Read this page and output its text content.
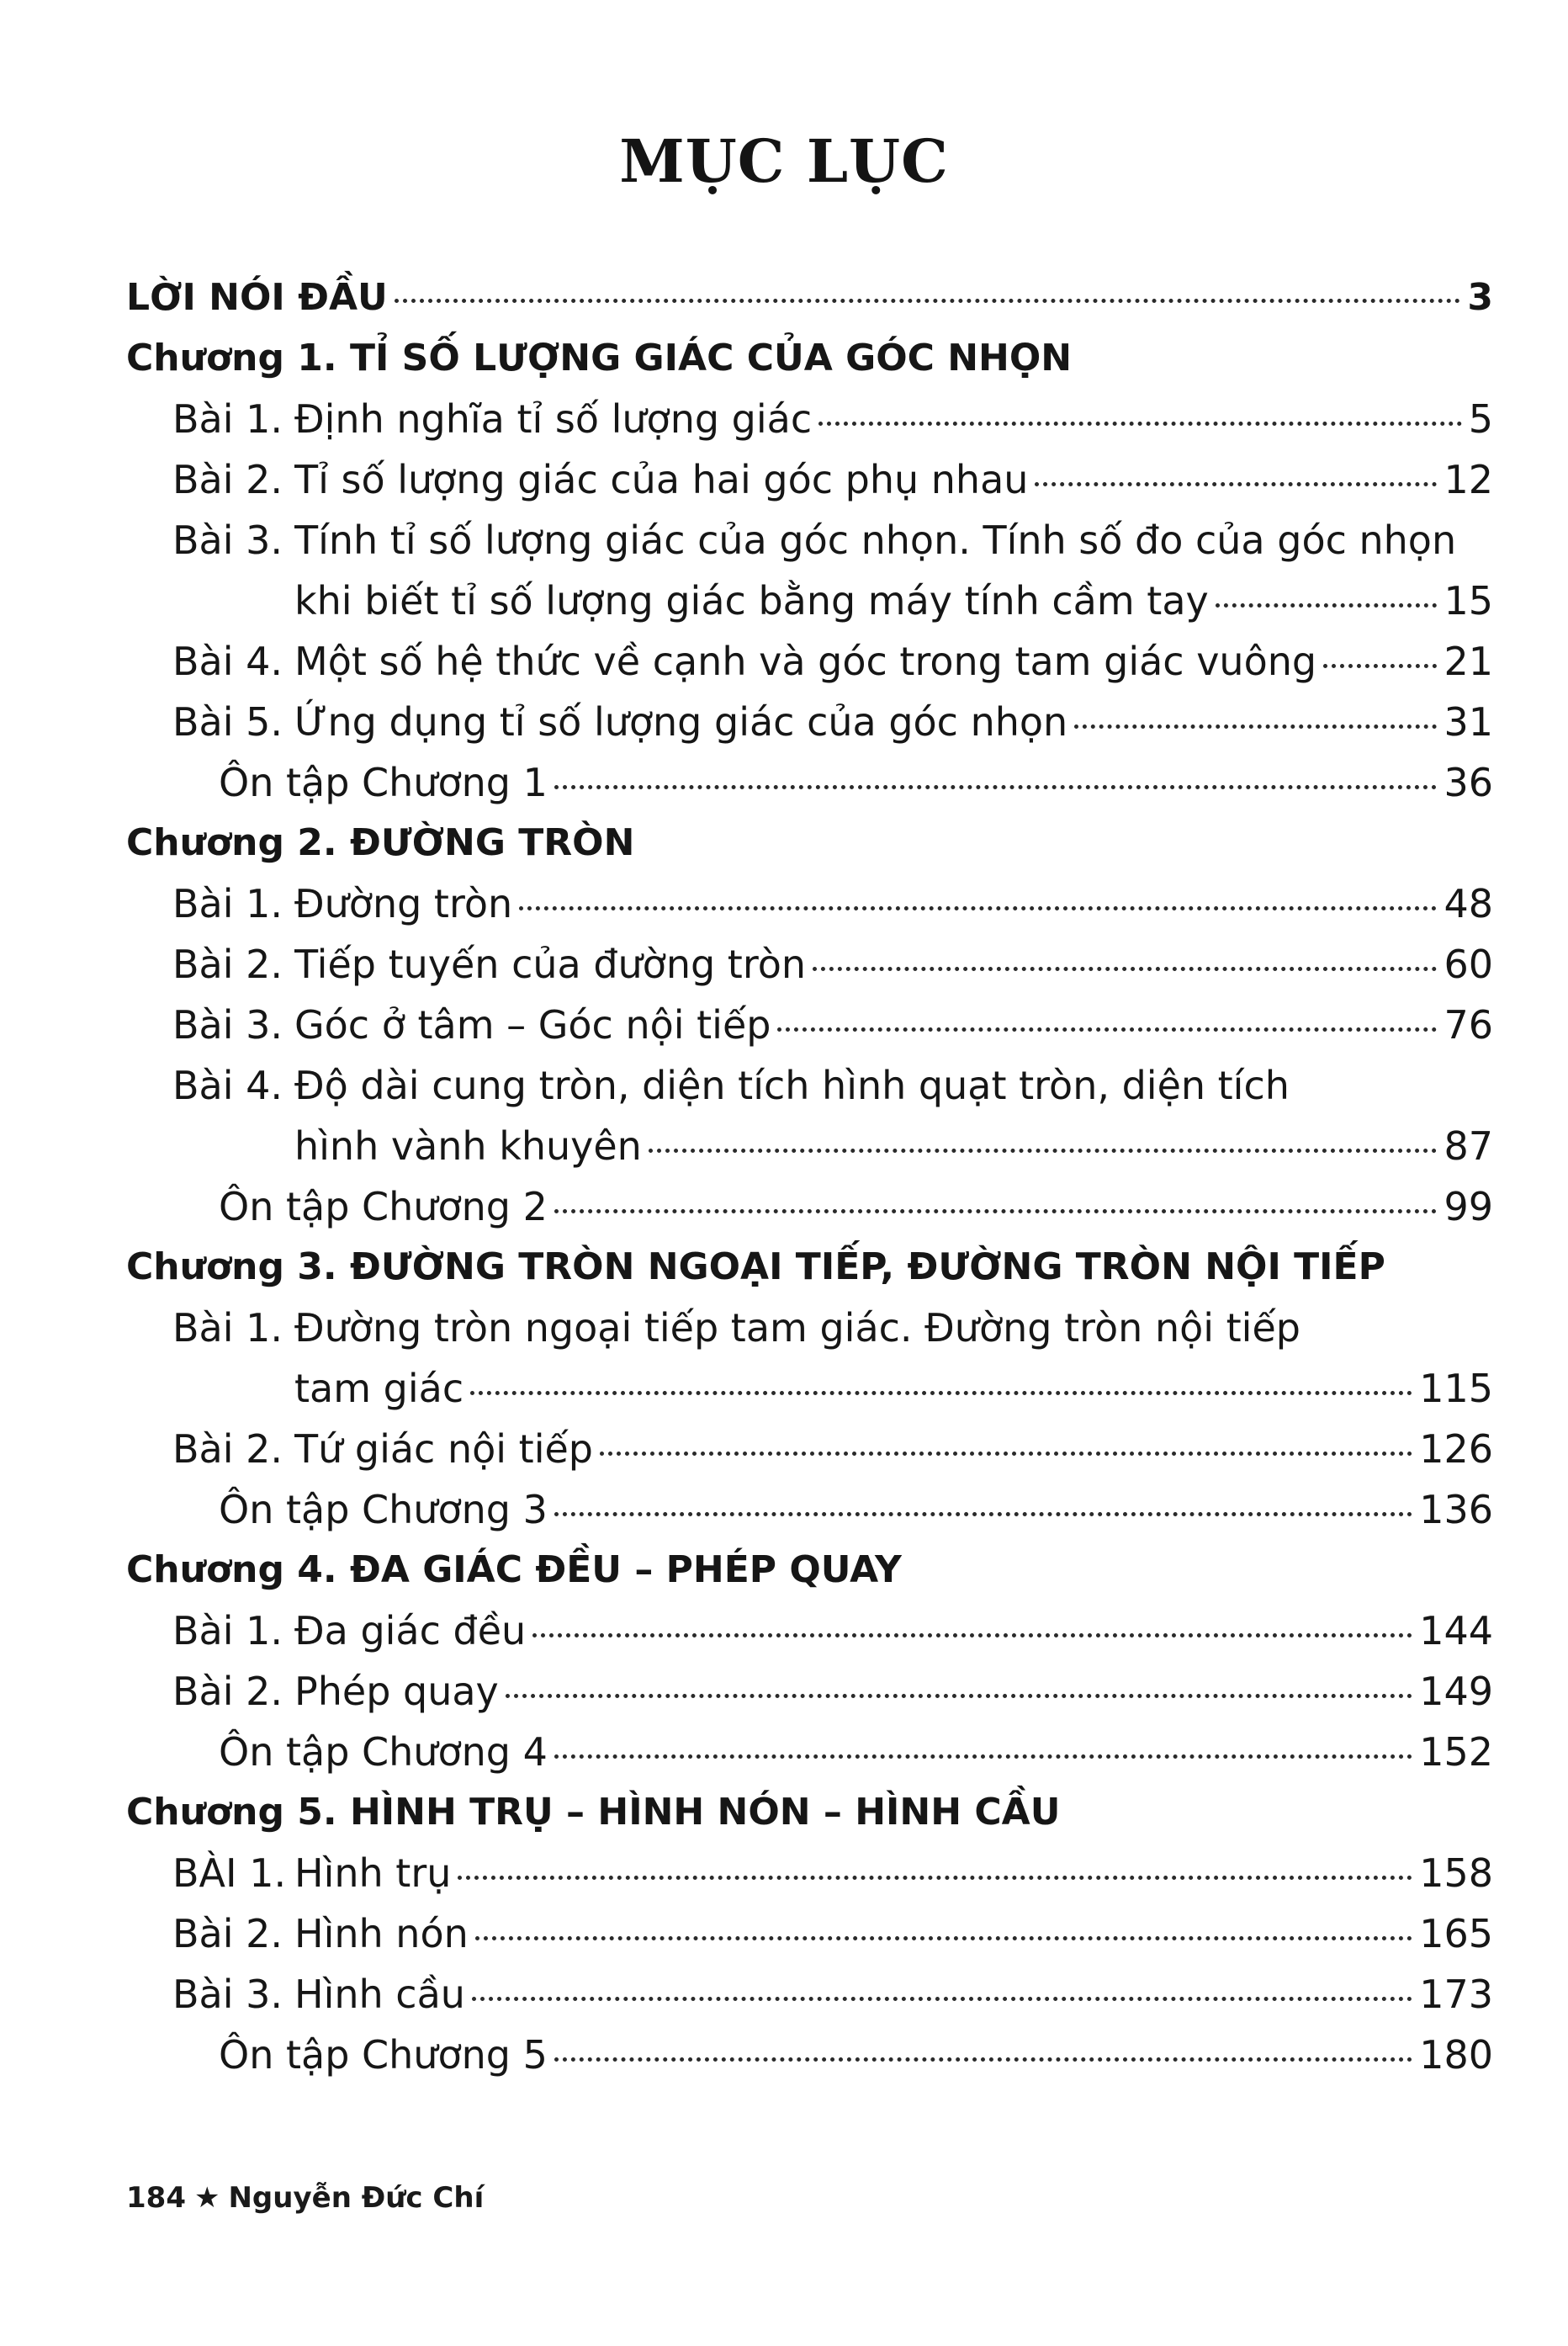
MỤC LỤC
LỜI NÓI ĐẦU	3
Chương 1. TỈ SỐ LƯỢNG GIÁC CỦA GÓC NHỌN
Bài 1. Định nghĩa tỉ số lượng giác	5
Bài 2. Tỉ số lượng giác của hai góc phụ nhau	12
Bài 3. Tính tỉ số lượng giác của góc nhọn. Tính số đo của góc nhọn
khi biết tỉ số lượng giác bằng máy tính cầm tay	15
Bài 4. Một số hệ thức về cạnh và góc trong tam giác vuông	21
Bài 5. Ứng dụng tỉ số lượng giác của góc nhọn	31
Ôn tập Chương 1	36
Chương 2. ĐƯỜNG TRÒN
Bài 1. Đường tròn	48
Bài 2. Tiếp tuyến của đường tròn	60
Bài 3. Góc ở tâm – Góc nội tiếp	76
Bài 4. Độ dài cung tròn, diện tích hình quạt tròn, diện tích
hình vành khuyên	87
Ôn tập Chương 2	99
Chương 3. ĐƯỜNG TRÒN NGOẠI TIẾP, ĐƯỜNG TRÒN NỘI TIẾP
Bài 1. Đường tròn ngoại tiếp tam giác. Đường tròn nội tiếp
tam giác	115
Bài 2. Tứ giác nội tiếp	126
Ôn tập Chương 3	136
Chương 4. ĐA GIÁC ĐỀU – PHÉP QUAY
Bài 1. Đa giác đều	144
Bài 2. Phép quay	149
Ôn tập Chương 4	152
Chương 5. HÌNH TRỤ – HÌNH NÓN – HÌNH CẦU
BÀI 1. Hình trụ	158
Bài 2. Hình nón	165
Bài 3. Hình cầu	173
Ôn tập Chương 5	180
184 ★ Nguyễn Đức Chí
